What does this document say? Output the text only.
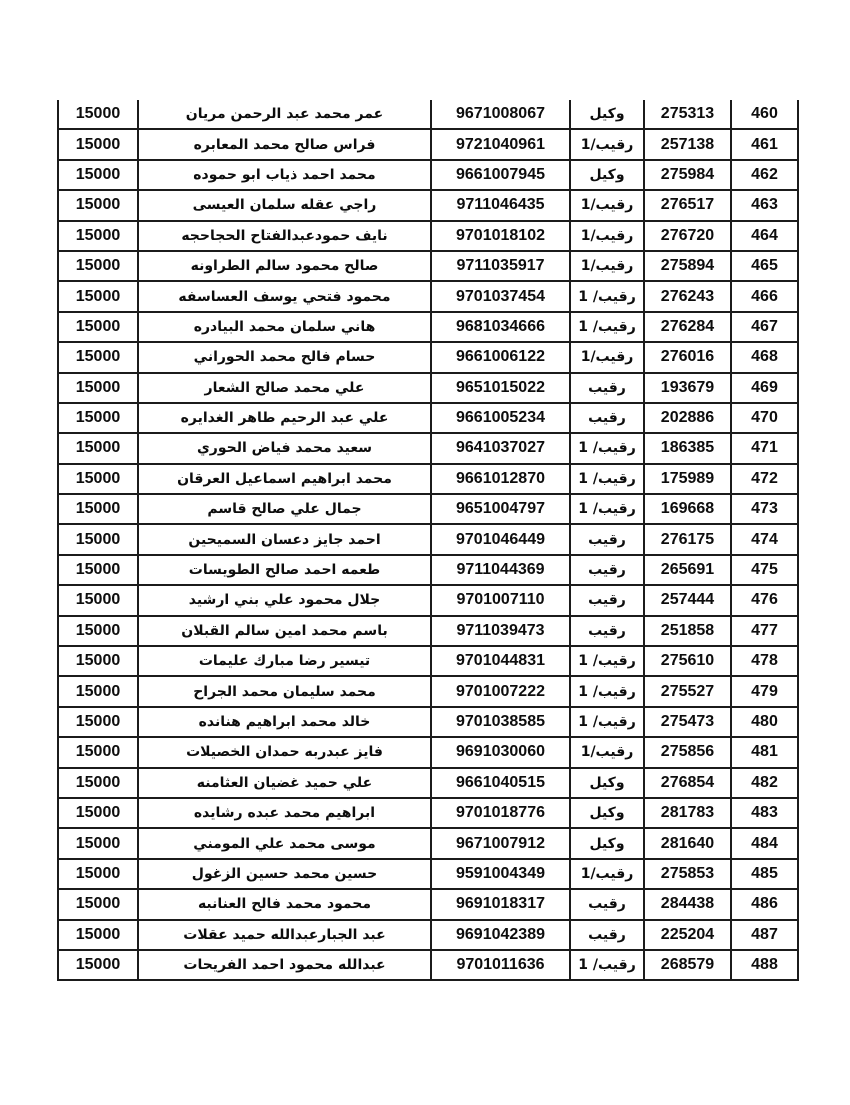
460	275313	وكيل	9671008067	عمر محمد عبد الرحمن مريان	15000
461	257138	رقيب/1	9721040961	فراس صالح محمد المعابره	15000
462	275984	وكيل	9661007945	محمد احمد ذياب ابو حموده	15000
463	276517	رقيب/1	9711046435	راجي عقله سلمان العيسى	15000
464	276720	رقيب/1	9701018102	نايف حمودعبدالفتاح الحجاحجه	15000
465	275894	رقيب/1	9711035917	صالح محمود سالم الطراونه	15000
466	276243	رقيب/ 1	9701037454	محمود فتحي يوسف العساسفه	15000
467	276284	رقيب/ 1	9681034666	هاني سلمان محمد البيادره	15000
468	276016	رقيب/1	9661006122	حسام فالح محمد الحوراني	15000
469	193679	رقيب	9651015022	علي محمد صالح الشعار	15000
470	202886	رقيب	9661005234	علي عبد الرحيم طاهر الغدايره	15000
471	186385	رقيب/ 1	9641037027	سعيد محمد فياض الحوري	15000
472	175989	رقيب/ 1	9661012870	محمد ابراهيم اسماعيل العرقان	15000
473	169668	رقيب/ 1	9651004797	جمال علي صالح قاسم	15000
474	276175	رقيب	9701046449	احمد جايز دعسان السميحين	15000
475	265691	رقيب	9711044369	طعمه احمد صالح الطويسات	15000
476	257444	رقيب	9701007110	جلال محمود علي بني ارشيد	15000
477	251858	رقيب	9711039473	باسم محمد امين سالم القبلان	15000
478	275610	رقيب/ 1	9701044831	تيسير رضا مبارك عليمات	15000
479	275527	رقيب/ 1	9701007222	محمد سليمان محمد الجراح	15000
480	275473	رقيب/ 1	9701038585	خالد محمد ابراهيم هنانده	15000
481	275856	رقيب/1	9691030060	فايز عبدربه حمدان الخصيلات	15000
482	276854	وكيل	9661040515	علي حميد غضيان العثامنه	15000
483	281783	وكيل	9701018776	ابراهيم محمد عبده رشايده	15000
484	281640	وكيل	9671007912	موسى محمد علي المومني	15000
485	275853	رقيب/1	9591004349	حسين محمد حسين الزغول	15000
486	284438	رقيب	9691018317	محمود محمد فالح العنانبه	15000
487	225204	رقيب	9691042389	عبد الجبارعبدالله حميد عقلات	15000
488	268579	رقيب/ 1	9701011636	عبدالله محمود احمد الفريحات	15000
